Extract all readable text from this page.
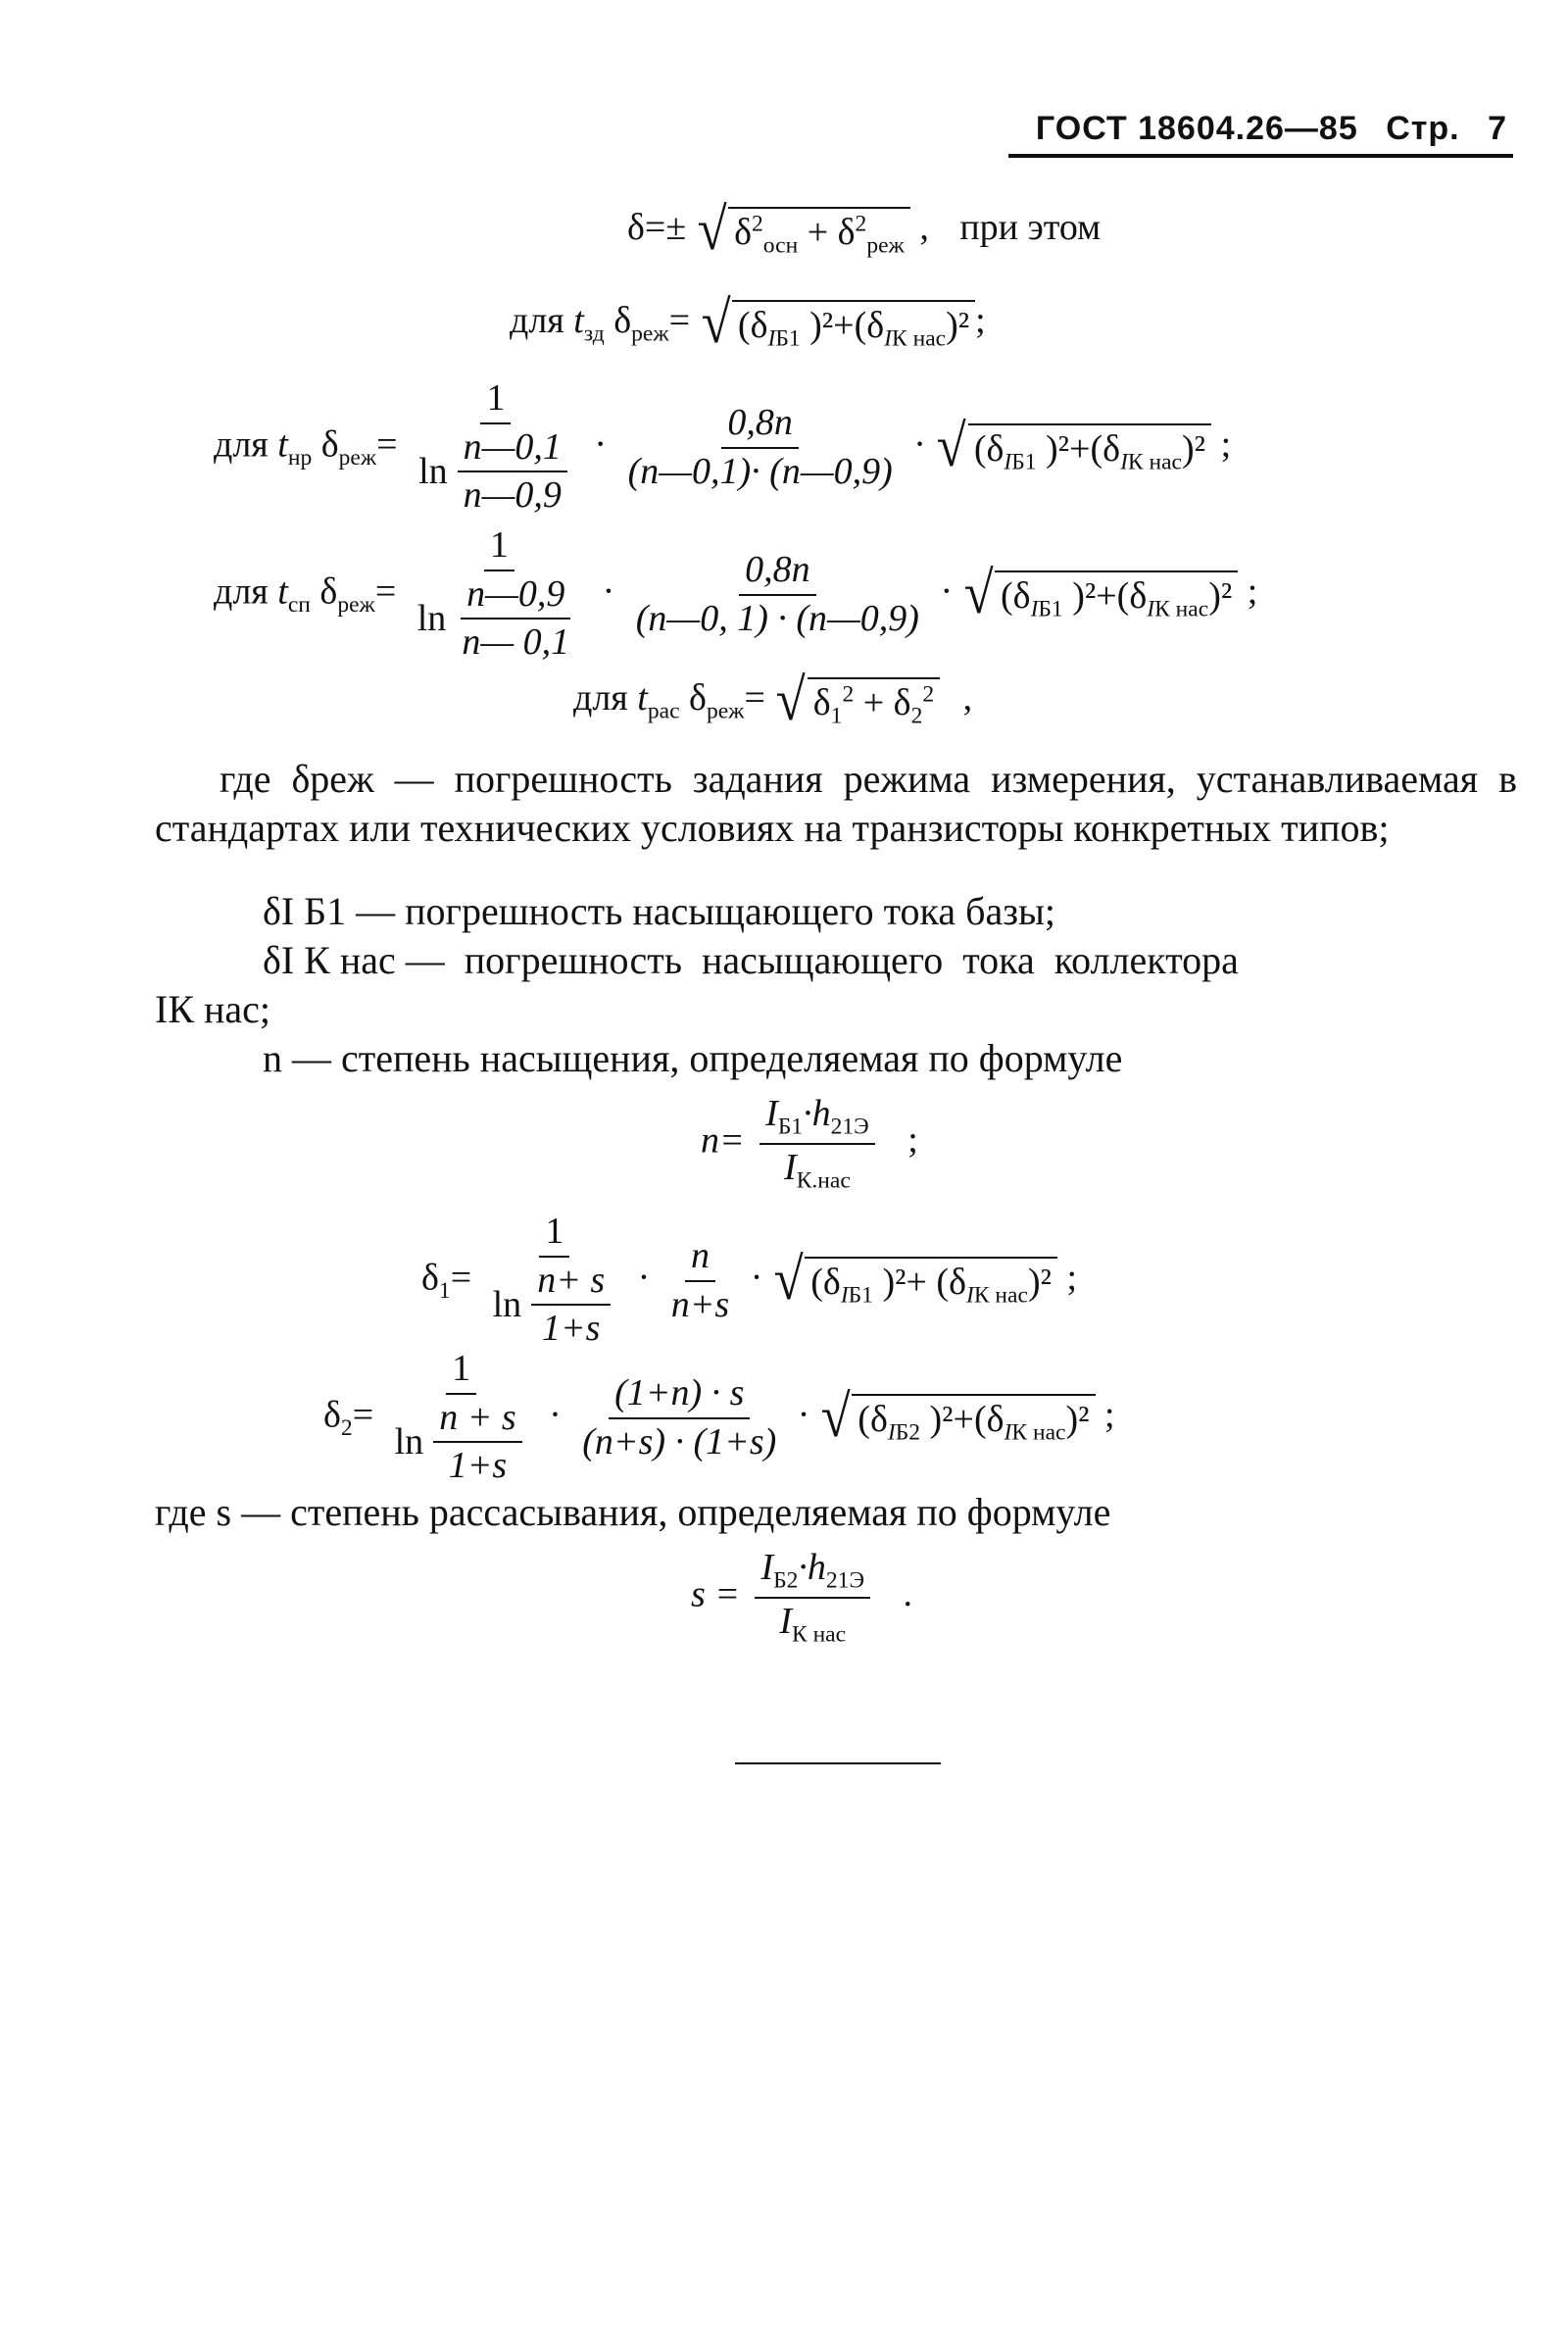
ГОСТ 18604.26—85 Стр. 7
δ=± √ $\delta^2_{осн} + \delta^2_{реж}$ , при этом
для $t_{зд}$ $\delta_{реж}=$ √ ($\delta_{IБ1}$ )$^2+(\delta_{IК нас})^2$ ;
для $t_{нр}$ $\delta_{реж}= \frac{1}{\ln \frac{n—0,1}{n—0,9}} \cdot \frac{0,8n}{(n—0,1)\cdot (n—0,9)}$ · √ ($\delta_{IБ1}$ )$^2+(\delta_{IК нас})^2$ ;
для $t_{сп}$ $\delta_{реж}= \frac{1}{\ln \frac{n—0,9}{n— 0,1}} \cdot \frac{0,8n}{(n—0, 1) \cdot (n—0,9)}$ · √ ($\delta_{IБ1}$ )$^2+(\delta_{IК нас})^2$ ;
для $t_{рас}$ $\delta_{реж}=$ √ $\delta_1^2 + \delta_2^2$ ,
где δреж — погрешность задания режима измерения, устанавливаемая в стандартах или технических условиях на транзисторы конкретных типов;
δI Б1 — погрешность насыщающего тока базы;
δI К нас —  погрешность  насыщающего  тока  коллектора
IК нас;
n — степень насыщения, определяемая по формуле
$n= \frac{I_{Б1}\cdot h_{21Э}}{I_{К.нас}}$ ;
$\delta_1= \frac{1}{\ln \frac{n+ s}{1+s}} \cdot \frac{n}{n+s}$ · √ ($\delta_{IБ1}$ )$^2+ (\delta_{IК нас})^2$ ;
$\delta_2= \frac{1}{\ln \frac{n + s}{1+s}} \cdot \frac{(1+n) \cdot s}{(n+s) \cdot (1+s)}$ · √ ($\delta_{IБ2}$ )$^2+(\delta_{IК нас})^2$ ;
где s — степень рассасывания, определяемая по формуле
$s = \frac{I_{Б2}\cdot h_{21Э}}{I_{К нас}}$ .
